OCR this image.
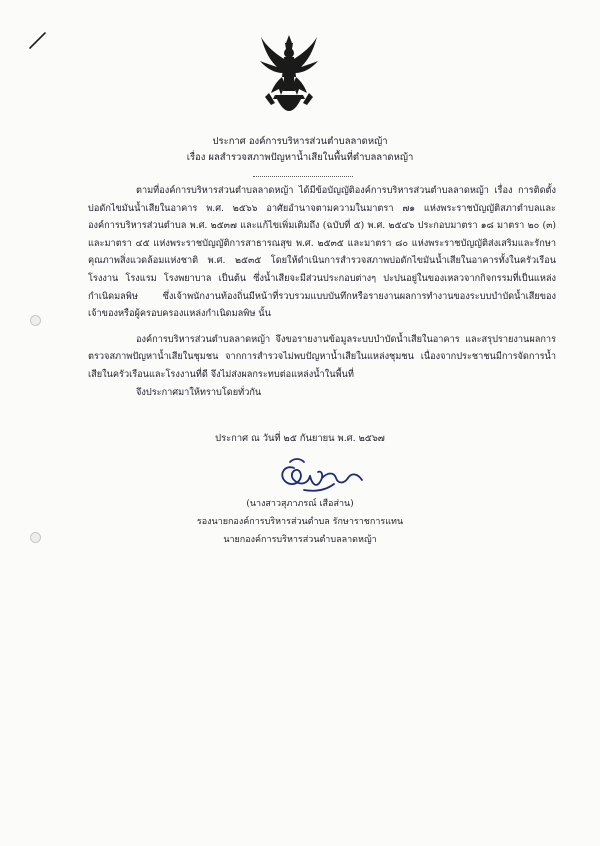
ประกาศ องค์การบริหารส่วนตำบลลาดหญ้า
เรื่อง ผลสำรวจสภาพปัญหาน้ำเสียในพื้นที่ตำบลลาดหญ้า

ตามที่องค์การบริหารส่วนตำบลลาดหญ้า ได้มีข้อบัญญัติองค์การบริหารส่วนตำบลลาดหญ้า เรื่อง การติดตั้งบ่อดักไขมันน้ำเสียในอาคาร พ.ศ. ๒๕๖๖ อาศัยอำนาจตามความในมาตรา ๗๑ แห่งพระราชบัญญัติสภาตำบลและองค์การบริหารส่วนตำบล พ.ศ. ๒๕๓๗ และแก้ไขเพิ่มเติมถึง (ฉบับที่ ๕) พ.ศ. ๒๕๔๖ ประกอบมาตรา ๑๘ มาตรา ๒๐ (๓) และมาตรา ๔๕ แห่งพระราชบัญญัติการสาธารณสุข พ.ศ. ๒๕๓๕ และมาตรา ๘๐ แห่งพระราชบัญญัติส่งเสริมและรักษาคุณภาพสิ่งแวดล้อมแห่งชาติ พ.ศ. ๒๕๓๕ โดยให้ดำเนินการสำรวจสภาพบ่อดักไขมันน้ำเสียในอาคารทั้งในครัวเรือน โรงงาน โรงแรม โรงพยาบาล เป็นต้น ซึ่งน้ำเสียจะมีส่วนประกอบต่างๆ ปะปนอยู่ในของเหลวจากกิจกรรมที่เป็นแหล่งกำเนิดมลพิษ ซึ่งเจ้าพนักงานท้องถิ่นมีหน้าที่รวบรวมแบบบันทึกหรือรายงานผลการทำงานของระบบบำบัดน้ำเสียของเจ้าของหรือผู้ครอบครองแหล่งกำเนิดมลพิษ นั้น

องค์การบริหารส่วนตำบลลาดหญ้า จึงขอรายงานข้อมูลระบบบำบัดน้ำเสียในอาคาร และสรุปรายงานผลการตรวจสภาพปัญหาน้ำเสียในชุมชน จากการสำรวจไม่พบปัญหาน้ำเสียในแหล่งชุมชน เนื่องจากประชาชนมีการจัดการน้ำเสียในครัวเรือนและโรงงานที่ดี จึงไม่ส่งผลกระทบต่อแหล่งน้ำในพื้นที่

จึงประกาศมาให้ทราบโดยทั่วกัน

ประกาศ ณ วันที่ ๒๕ กันยายน พ.ศ. ๒๕๖๗
(นางสาวสุภาภรณ์ เสือส่าน)
รองนายกองค์การบริหารส่วนตำบล รักษาราชการแทน
นายกองค์การบริหารส่วนตำบลลาดหญ้า
